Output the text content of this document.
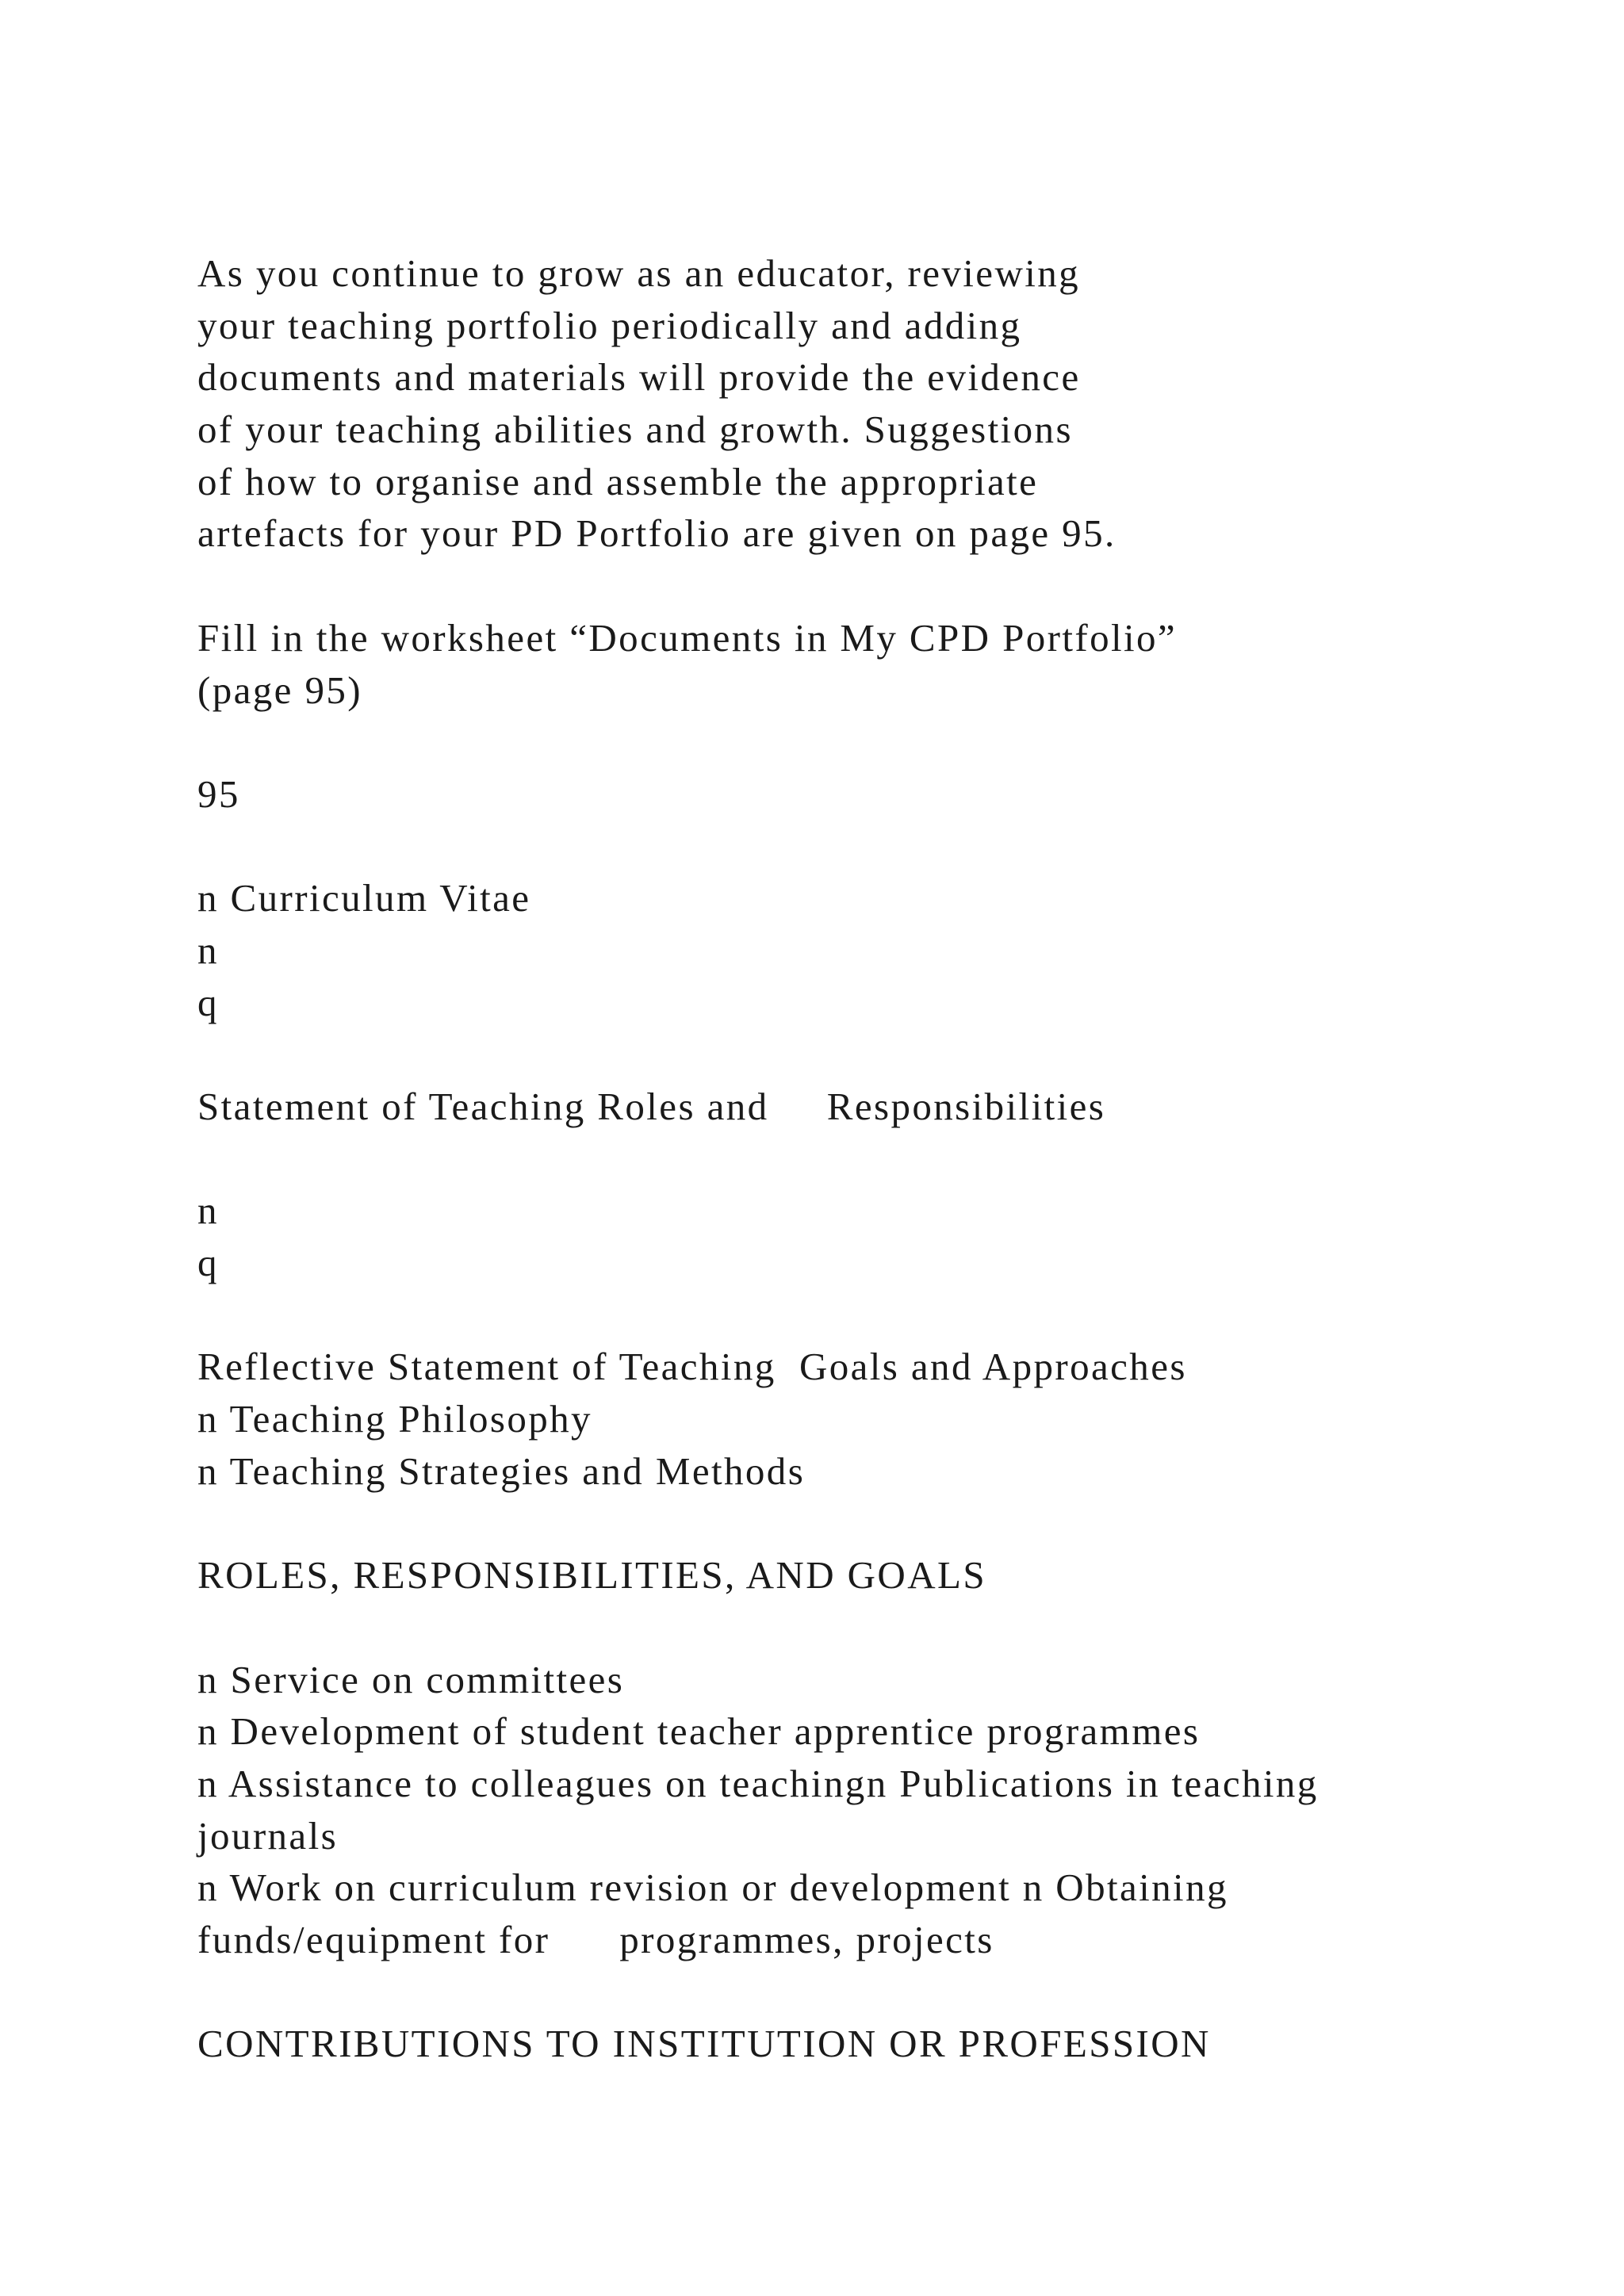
As you continue to grow as an educator, reviewing
your teaching portfolio periodically and adding
documents and materials will provide the evidence
of your teaching abilities and growth. Suggestions
of how to organise and assemble the appropriate
artefacts for your PD Portfolio are given on page 95.
Fill in the worksheet “Documents in My CPD Portfolio”
(page 95)
95
n Curriculum Vitae
n
q
Statement of Teaching Roles and     Responsibilities
n
q
Reflective Statement of Teaching  Goals and Approaches
n Teaching Philosophy
n Teaching Strategies and Methods
ROLES, RESPONSIBILITIES, AND GOALS
n Service on committees
n Development of student teacher apprentice programmes
n Assistance to colleagues on teachingn Publications in teaching
journals
n Work on curriculum revision or development n Obtaining
funds/equipment for      programmes, projects
CONTRIBUTIONS TO INSTITUTION OR PROFESSION
